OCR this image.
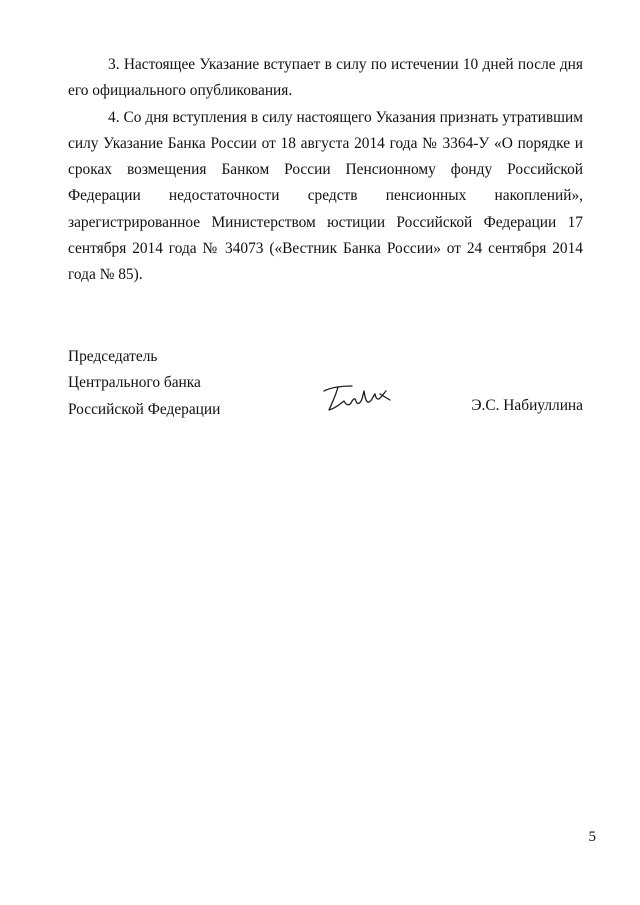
3. Настоящее Указание вступает в силу по истечении 10 дней после дня его официального опубликования.

4. Со дня вступления в силу настоящего Указания признать утратившим силу Указание Банка России от 18 августа 2014 года № 3364-У «О порядке и сроках возмещения Банком России Пенсионному фонду Российской Федерации недостаточности средств пенсионных накоплений», зарегистрированное Министерством юстиции Российской Федерации 17 сентября 2014 года № 34073 («Вестник Банка России» от 24 сентября 2014 года № 85).

Председатель
Центрального банка
Российской Федерации	Э.С. Набиуллина
5
